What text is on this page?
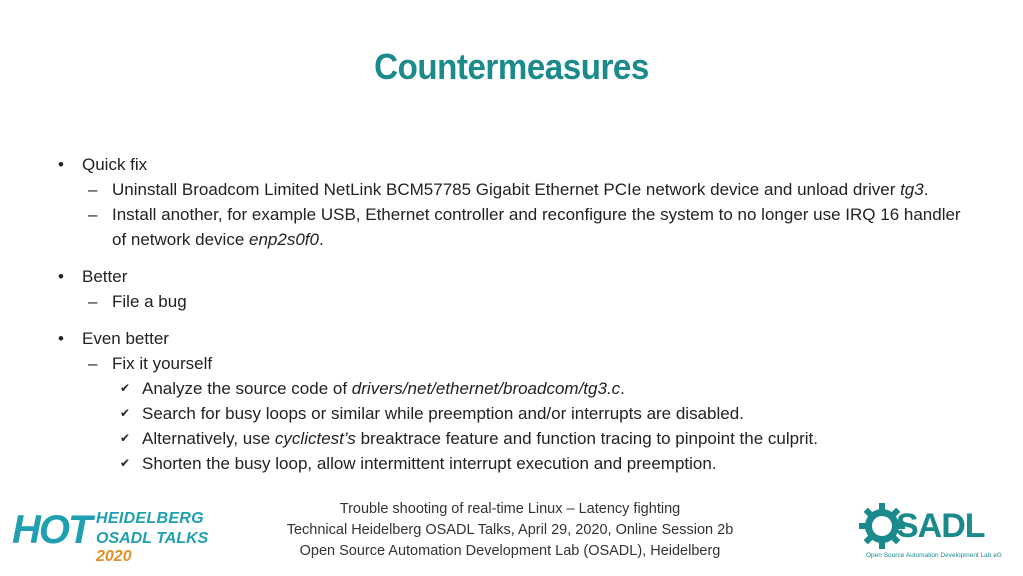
Countermeasures

•	Quick fix

– Uninstall Broadcom Limited NetLink BCM57785 Gigabit Ethernet PCIe network device and unload driver tg3.

– Install another, for example USB, Ethernet controller and reconfigure the system to no longer use IRQ 16 handler
of network device enp2s0f0.

•	Better

– File a bug

•	Even better

– Fix it yourself

✔ Analyze the source code of drivers/net/ethernet/broadcom/tg3.c.

✔ Search for busy loops or similar while preemption and/or interrupts are disabled.

✔ Alternatively, use cyclictest’s breaktrace feature and function tracing to pinpoint the culprit.

✔ Shorten the busy loop, allow intermittent interrupt execution and preemption.

HOT HEIDELBERG
OSADL TALKS 2020
Trouble shooting of real-time Linux – Latency fighting
Technical Heidelberg OSADL Talks, April 29, 2020, Online Session 2b
Open Source Automation Development Lab (OSADL), Heidelberg
SADL
Open Source Automation Development Lab eG
